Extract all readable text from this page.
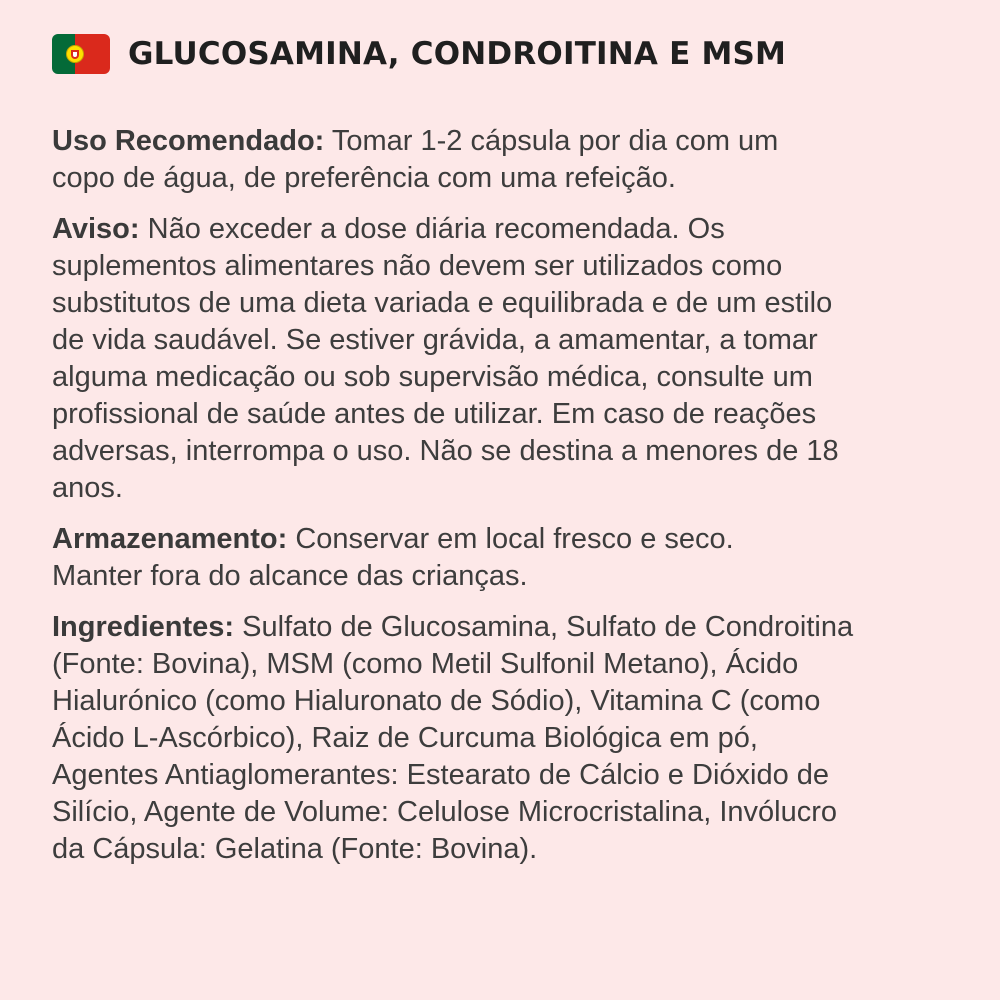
GLUCOSAMINA, CONDROITINA E MSM

Uso Recomendado: Tomar 1-2 cápsula por dia com um
copo de água, de preferência com uma refeição.

Aviso: Não exceder a dose diária recomendada. Os
suplementos alimentares não devem ser utilizados como
substitutos de uma dieta variada e equilibrada e de um estilo
de vida saudável. Se estiver grávida, a amamentar, a tomar
alguma medicação ou sob supervisão médica, consulte um
profissional de saúde antes de utilizar. Em caso de reações
adversas, interrompa o uso. Não se destina a menores de 18
anos.

Armazenamento: Conservar em local fresco e seco.
Manter fora do alcance das crianças.

Ingredientes: Sulfato de Glucosamina, Sulfato de Condroitina
(Fonte: Bovina), MSM (como Metil Sulfonil Metano), Ácido
Hialurónico (como Hialuronato de Sódio), Vitamina C (como
Ácido L-Ascórbico), Raiz de Curcuma Biológica em pó,
Agentes Antiaglomerantes: Estearato de Cálcio e Dióxido de
Silício, Agente de Volume: Celulose Microcristalina, Invólucro
da Cápsula: Gelatina (Fonte: Bovina).
